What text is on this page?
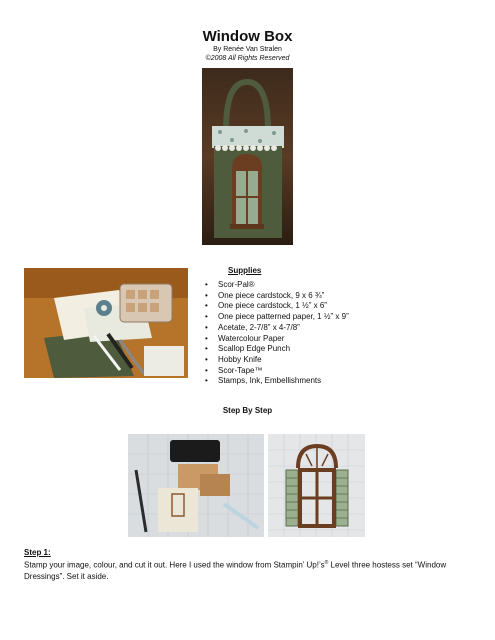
Window Box
By Renée Van Stralen
©2008 All Rights Reserved
Supplies
• Scor-Pal®
• One piece cardstock, 9 x 6 ¾”
• One piece cardstock, 1 ½” x 6”
• One piece patterned paper, 1 ½” x 9”
• Acetate, 2-7/8” x 4-7/8”
• Watercolour Paper
• Scallop Edge Punch
• Hobby Knife
• Scor-Tape™
• Stamps, Ink, Embellishments
Step By Step
Step 1:
Stamp your image, colour, and cut it out. Here I used the window from Stampin’ Up!’s® Level three hostess set “Window Dressings”. Set it aside.
